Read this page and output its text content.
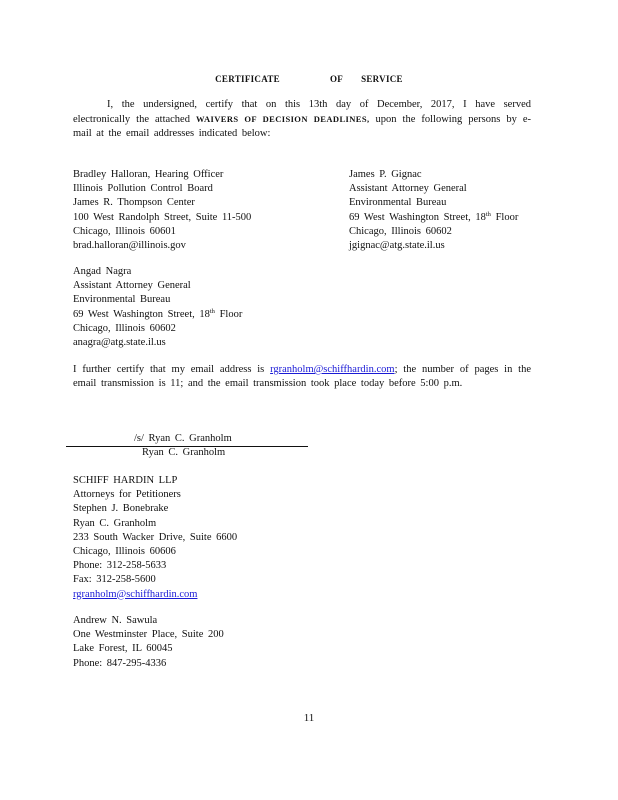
CERTIFICATE	OF SERVICE
I, the undersigned, certify that on this 13th day of December, 2017, I have served electronically the attached WAIVERS OF DECISION DEADLINES, upon the following persons by e-mail at the email addresses indicated below:
Bradley Halloran, Hearing Officer
Illinois Pollution Control Board
James R. Thompson Center
100 West Randolph Street, Suite 11-500
Chicago, Illinois 60601
brad.halloran@illinois.gov
James P. Gignac
Assistant Attorney General
Environmental Bureau
69 West Washington Street, 18th Floor
Chicago, Illinois 60602
jgignac@atg.state.il.us
Angad Nagra
Assistant Attorney General
Environmental Bureau
69 West Washington Street, 18th Floor
Chicago, Illinois 60602
anagra@atg.state.il.us
I further certify that my email address is rgranholm@schiffhardin.com; the number of pages in the email transmission is 11; and the email transmission took place today before 5:00 p.m.
/s/ Ryan C. Granholm
Ryan C. Granholm
SCHIFF HARDIN LLP
Attorneys for Petitioners
Stephen J. Bonebrake
Ryan C. Granholm
233 South Wacker Drive, Suite 6600
Chicago, Illinois 60606
Phone: 312-258-5633
Fax: 312-258-5600
rgranholm@schiffhardin.com
Andrew N. Sawula
One Westminster Place, Suite 200
Lake Forest, IL 60045
Phone: 847-295-4336
11
